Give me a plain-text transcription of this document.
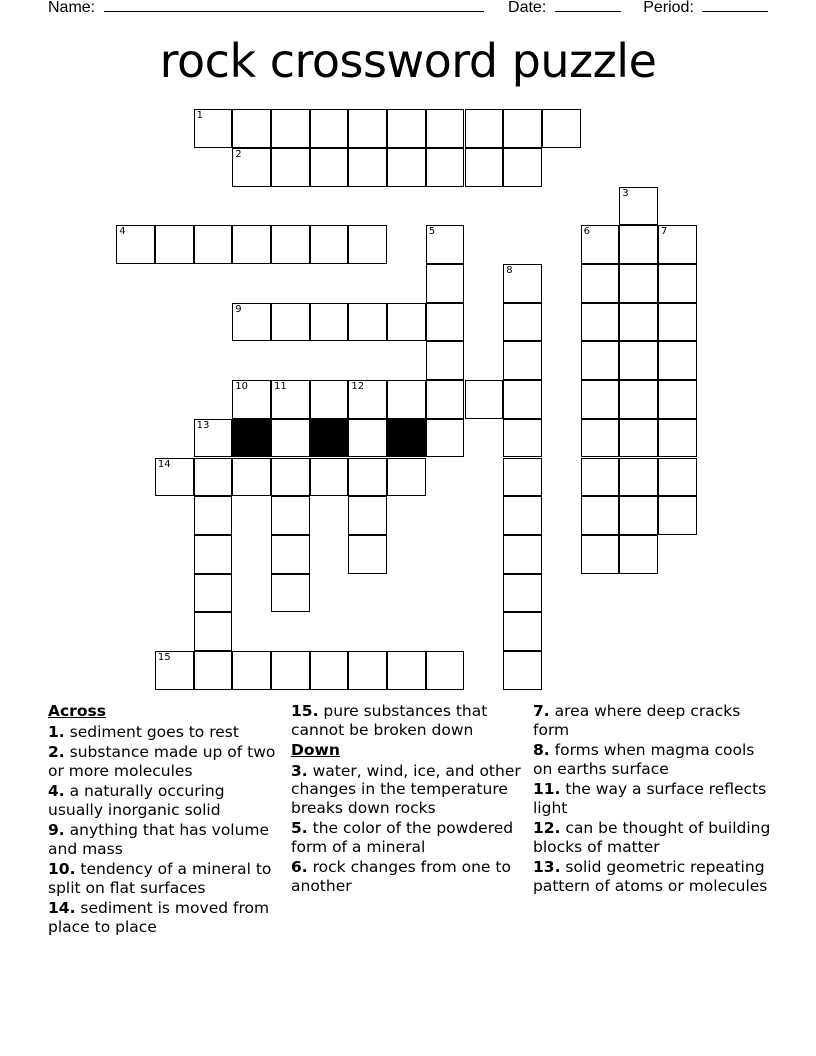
Name:	Date:	Period:
rock crossword puzzle
1
2
3
4	5	6	7
8
9
10	11	12
13
14
15
Across
1. sediment goes to rest
2. substance made up of two or more molecules
4. a naturally occuring usually inorganic solid
9. anything that has volume and mass
10. tendency of a mineral to split on flat surfaces
14. sediment is moved from place to place
15. pure substances that cannot be broken down
Down
3. water, wind, ice, and other changes in the temperature breaks down rocks
5. the color of the powdered form of a mineral
6. rock changes from one to another
7. area where deep cracks form
8. forms when magma cools on earths surface
11. the way a surface reflects light
12. can be thought of building blocks of matter
13. solid geometric repeating pattern of atoms or molecules
